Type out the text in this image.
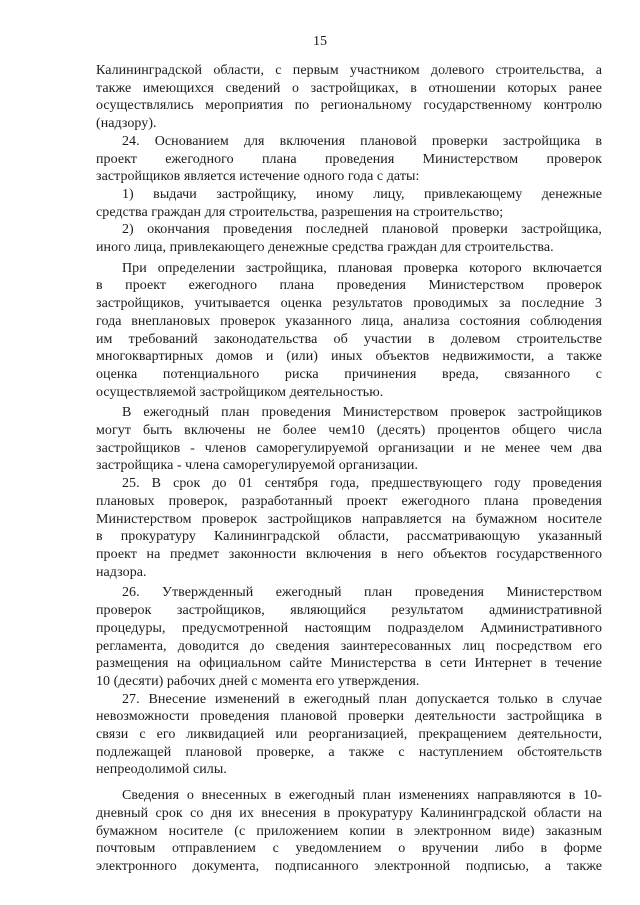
15
Калининградской области, с первым участником долевого строительства, а
также имеющихся сведений о застройщиках, в отношении которых ранее
осуществлялись мероприятия по региональному государственному контролю
(надзору).
24. Основанием для включения плановой проверки застройщика в
проект ежегодного плана проведения Министерством проверок
застройщиков является истечение одного года с даты:
1) выдачи застройщику, иному лицу, привлекающему денежные
средства граждан для строительства, разрешения на строительство;
2) окончания проведения последней плановой проверки застройщика,
иного лица, привлекающего денежные средства граждан для строительства.
При определении застройщика, плановая проверка которого включается
в проект ежегодного плана проведения Министерством проверок
застройщиков, учитывается оценка результатов проводимых за последние 3
года внеплановых проверок указанного лица, анализа состояния соблюдения
им требований законодательства об участии в долевом строительстве
многоквартирных домов и (или) иных объектов недвижимости, а также
оценка потенциального риска причинения вреда, связанного с
осуществляемой застройщиком деятельностью.
В ежегодный план проведения Министерством проверок застройщиков
могут быть включены не более чем10 (десять) процентов общего числа
застройщиков - членов саморегулируемой организации и не менее чем два
застройщика - члена саморегулируемой организации.
25. В срок до 01 сентября года, предшествующего году проведения
плановых проверок, разработанный проект ежегодного плана проведения
Министерством проверок застройщиков направляется на бумажном носителе
в прокуратуру Калининградской области, рассматривающую указанный
проект на предмет законности включения в него объектов государственного
надзора.
26. Утвержденный ежегодный план проведения Министерством
проверок застройщиков, являющийся результатом административной
процедуры, предусмотренной настоящим подразделом Административного
регламента, доводится до сведения заинтересованных лиц посредством его
размещения на официальном сайте Министерства в сети Интернет в течение
10 (десяти) рабочих дней с момента его утверждения.
27. Внесение изменений в ежегодный план допускается только в случае
невозможности проведения плановой проверки деятельности застройщика в
связи с его ликвидацией или реорганизацией, прекращением деятельности,
подлежащей плановой проверке, а также с наступлением обстоятельств
непреодолимой силы.
Сведения о внесенных в ежегодный план изменениях направляются в 10-
дневный срок со дня их внесения в прокуратуру Калининградской области на
бумажном носителе (с приложением копии в электронном виде) заказным
почтовым отправлением с уведомлением о вручении либо в форме
электронного документа, подписанного электронной подписью, а также
